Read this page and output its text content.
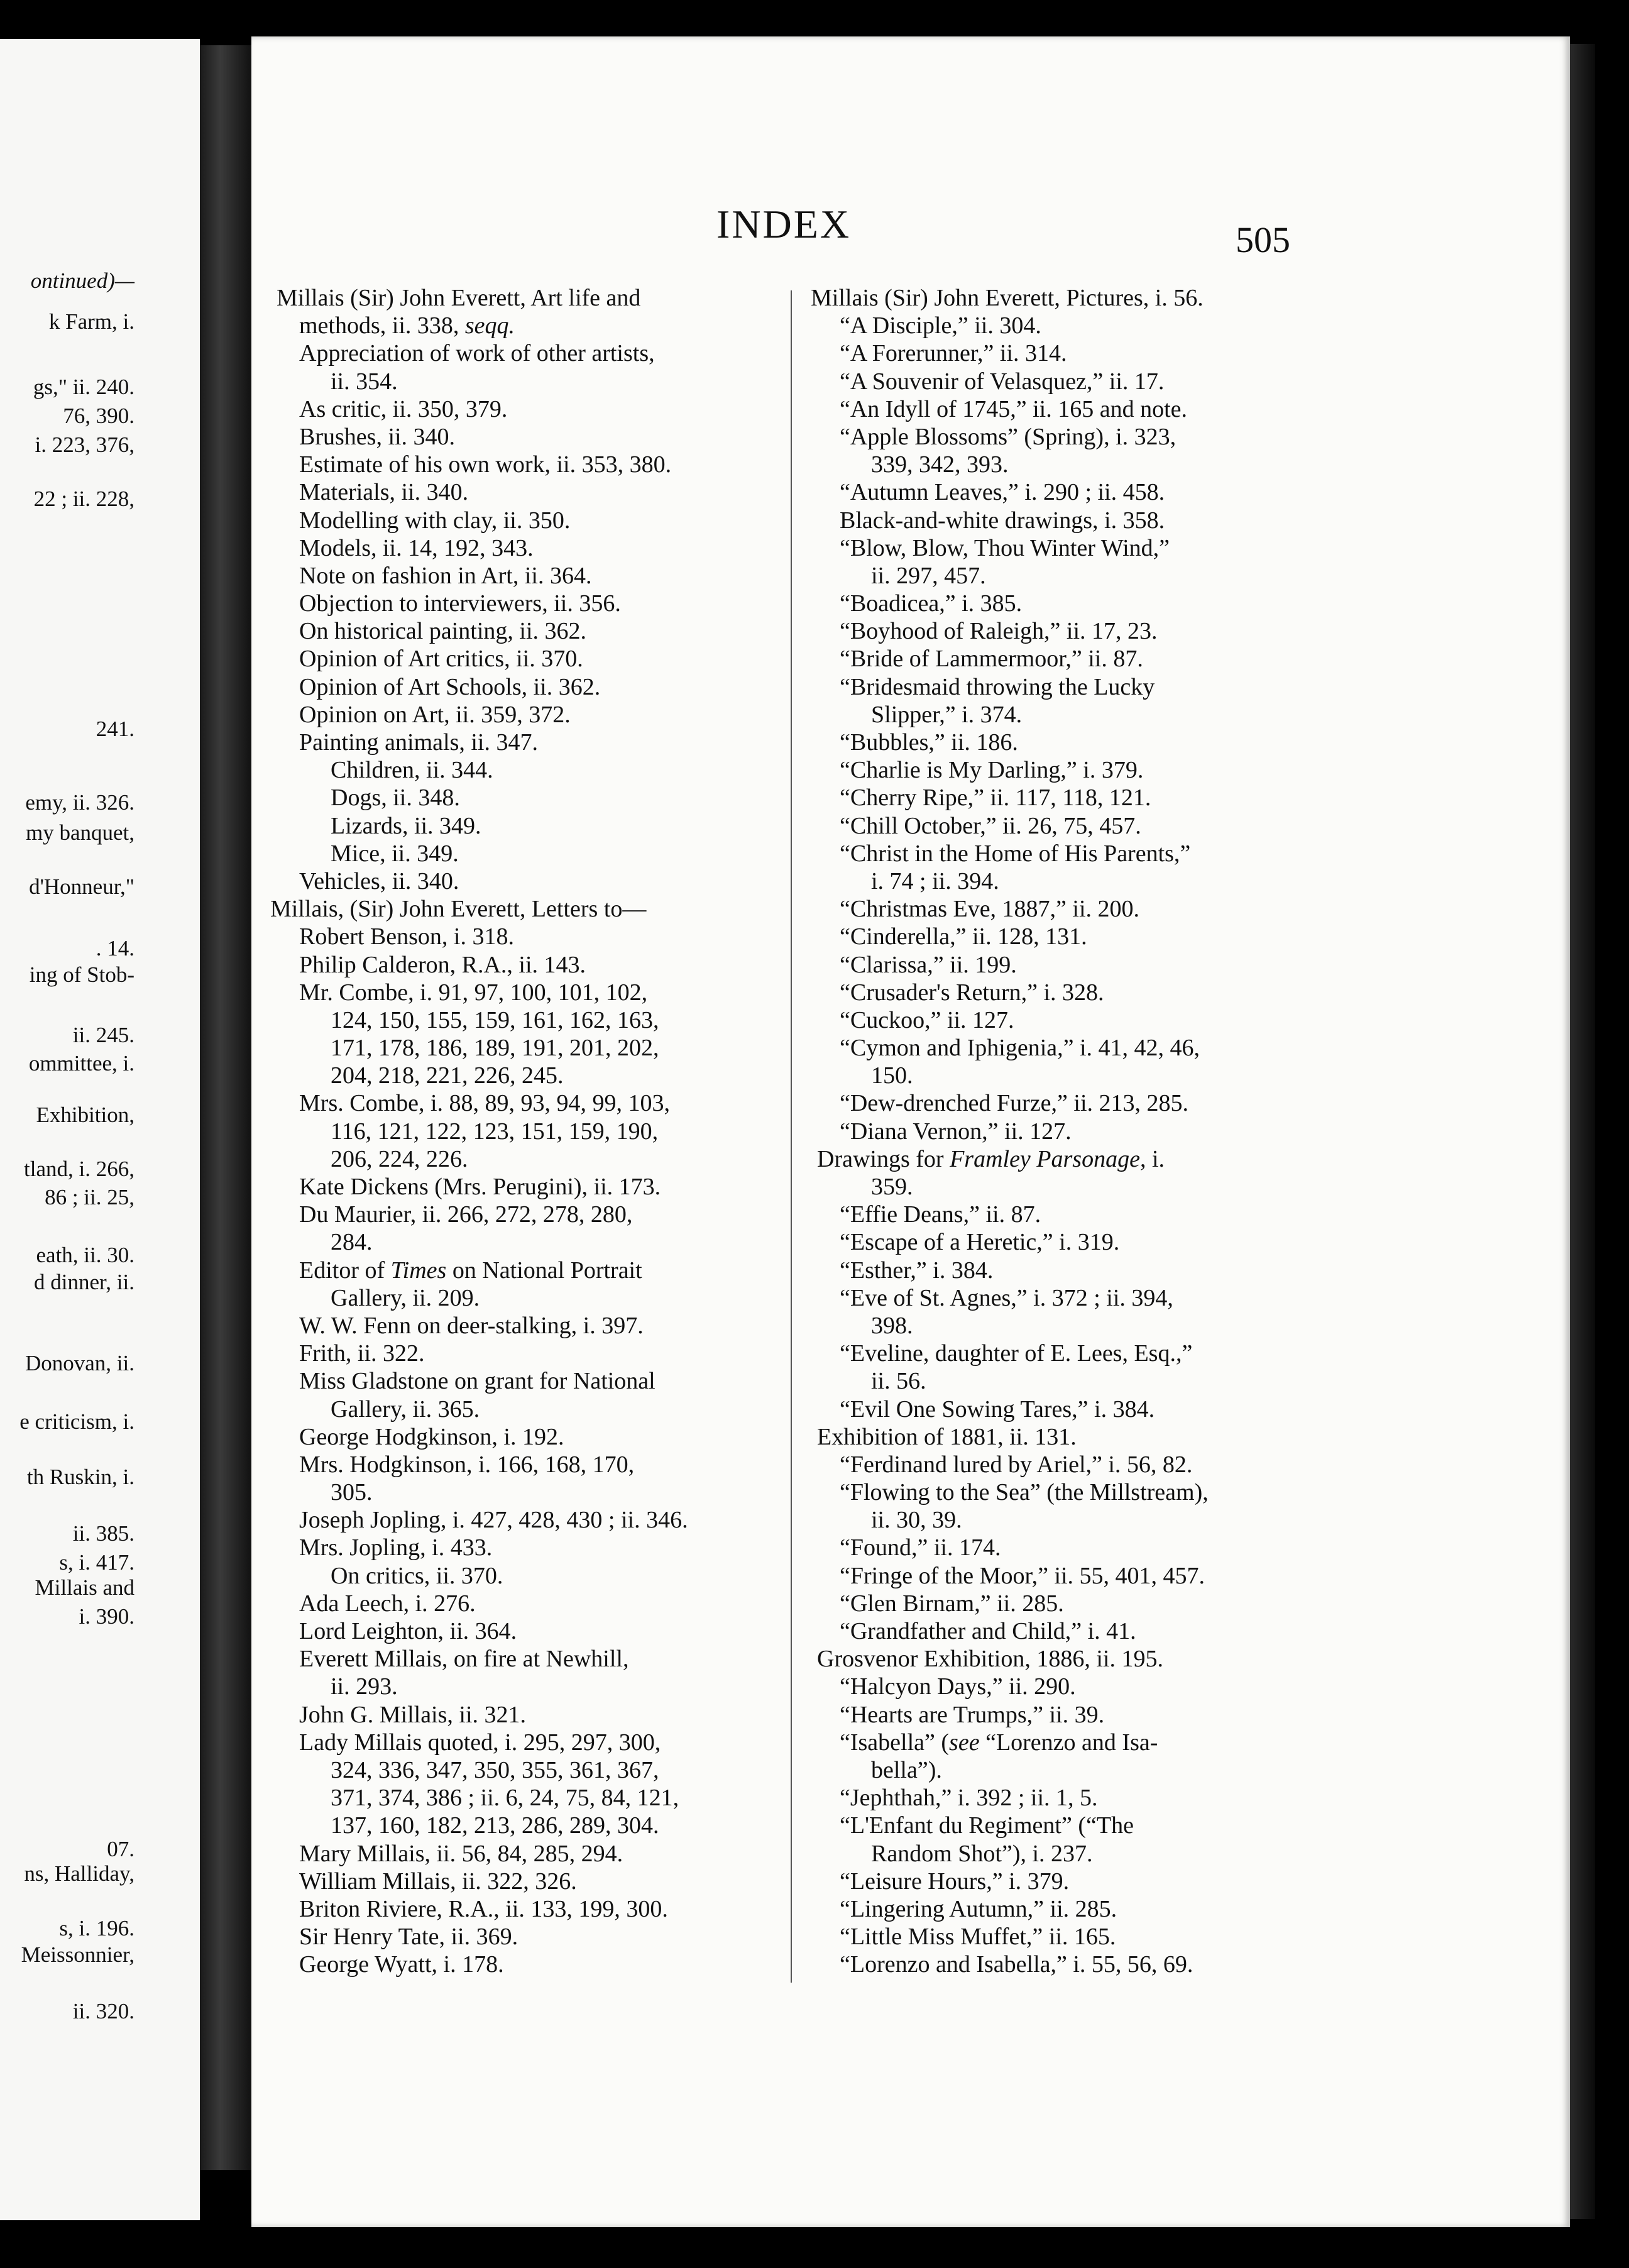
ontinued)—
k Farm, i.
gs," ii. 240.
76, 390.
i. 223, 376,
22 ; ii. 228,
241.
emy, ii. 326.
my banquet,
d'Honneur,"
. 14.
ing of Stob-
ii. 245.
ommittee, i.
Exhibition,
tland, i. 266,
86 ; ii. 25,
eath, ii. 30.
d dinner, ii.
Donovan, ii.
e criticism, i.
th Ruskin, i.
ii. 385.
s, i. 417.
Millais and
i. 390.
07.
ns, Halliday,
s, i. 196.
Meissonnier,
ii. 320.
INDEX	505
Millais (Sir) John Everett, Art life and
methods, ii. 338, seqq.
Appreciation of work of other artists,
ii. 354.
As critic, ii. 350, 379.
Brushes, ii. 340.
Estimate of his own work, ii. 353, 380.
Materials, ii. 340.
Modelling with clay, ii. 350.
Models, ii. 14, 192, 343.
Note on fashion in Art, ii. 364.
Objection to interviewers, ii. 356.
On historical painting, ii. 362.
Opinion of Art critics, ii. 370.
Opinion of Art Schools, ii. 362.
Opinion on Art, ii. 359, 372.
Painting animals, ii. 347.
Children, ii. 344.
Dogs, ii. 348.
Lizards, ii. 349.
Mice, ii. 349.
Vehicles, ii. 340.
Millais, (Sir) John Everett, Letters to—
Robert Benson, i. 318.
Philip Calderon, R.A., ii. 143.
Mr. Combe, i. 91, 97, 100, 101, 102,
124, 150, 155, 159, 161, 162, 163,
171, 178, 186, 189, 191, 201, 202,
204, 218, 221, 226, 245.
Mrs. Combe, i. 88, 89, 93, 94, 99, 103,
116, 121, 122, 123, 151, 159, 190,
206, 224, 226.
Kate Dickens (Mrs. Perugini), ii. 173.
Du Maurier, ii. 266, 272, 278, 280,
284.
Editor of Times on National Portrait
Gallery, ii. 209.
W. W. Fenn on deer-stalking, i. 397.
Frith, ii. 322.
Miss Gladstone on grant for National
Gallery, ii. 365.
George Hodgkinson, i. 192.
Mrs. Hodgkinson, i. 166, 168, 170,
305.
Joseph Jopling, i. 427, 428, 430 ; ii. 346.
Mrs. Jopling, i. 433.
On critics, ii. 370.
Ada Leech, i. 276.
Lord Leighton, ii. 364.
Everett Millais, on fire at Newhill,
ii. 293.
John G. Millais, ii. 321.
Lady Millais quoted, i. 295, 297, 300,
324, 336, 347, 350, 355, 361, 367,
371, 374, 386 ; ii. 6, 24, 75, 84, 121,
137, 160, 182, 213, 286, 289, 304.
Mary Millais, ii. 56, 84, 285, 294.
William Millais, ii. 322, 326.
Briton Riviere, R.A., ii. 133, 199, 300.
Sir Henry Tate, ii. 369.
George Wyatt, i. 178.
Millais (Sir) John Everett, Pictures, i. 56.
“A Disciple,” ii. 304.
“A Forerunner,” ii. 314.
“A Souvenir of Velasquez,” ii. 17.
“An Idyll of 1745,” ii. 165 and note.
“Apple Blossoms” (Spring), i. 323,
339, 342, 393.
“Autumn Leaves,” i. 290 ; ii. 458.
Black-and-white drawings, i. 358.
“Blow, Blow, Thou Winter Wind,”
ii. 297, 457.
“Boadicea,” i. 385.
“Boyhood of Raleigh,” ii. 17, 23.
“Bride of Lammermoor,” ii. 87.
“Bridesmaid throwing the Lucky
Slipper,” i. 374.
“Bubbles,” ii. 186.
“Charlie is My Darling,” i. 379.
“Cherry Ripe,” ii. 117, 118, 121.
“Chill October,” ii. 26, 75, 457.
“Christ in the Home of His Parents,”
i. 74 ; ii. 394.
“Christmas Eve, 1887,” ii. 200.
“Cinderella,” ii. 128, 131.
“Clarissa,” ii. 199.
“Crusader's Return,” i. 328.
“Cuckoo,” ii. 127.
“Cymon and Iphigenia,” i. 41, 42, 46,
150.
“Dew-drenched Furze,” ii. 213, 285.
“Diana Vernon,” ii. 127.
Drawings for Framley Parsonage, i.
359.
“Effie Deans,” ii. 87.
“Escape of a Heretic,” i. 319.
“Esther,” i. 384.
“Eve of St. Agnes,” i. 372 ; ii. 394,
398.
“Eveline, daughter of E. Lees, Esq.,”
ii. 56.
“Evil One Sowing Tares,” i. 384.
Exhibition of 1881, ii. 131.
“Ferdinand lured by Ariel,” i. 56, 82.
“Flowing to the Sea” (the Millstream),
ii. 30, 39.
“Found,” ii. 174.
“Fringe of the Moor,” ii. 55, 401, 457.
“Glen Birnam,” ii. 285.
“Grandfather and Child,” i. 41.
Grosvenor Exhibition, 1886, ii. 195.
“Halcyon Days,” ii. 290.
“Hearts are Trumps,” ii. 39.
“Isabella” (see “Lorenzo and Isa-
bella”).
“Jephthah,” i. 392 ; ii. 1, 5.
“L'Enfant du Regiment” (“The
Random Shot”), i. 237.
“Leisure Hours,” i. 379.
“Lingering Autumn,” ii. 285.
“Little Miss Muffet,” ii. 165.
“Lorenzo and Isabella,” i. 55, 56, 69.
